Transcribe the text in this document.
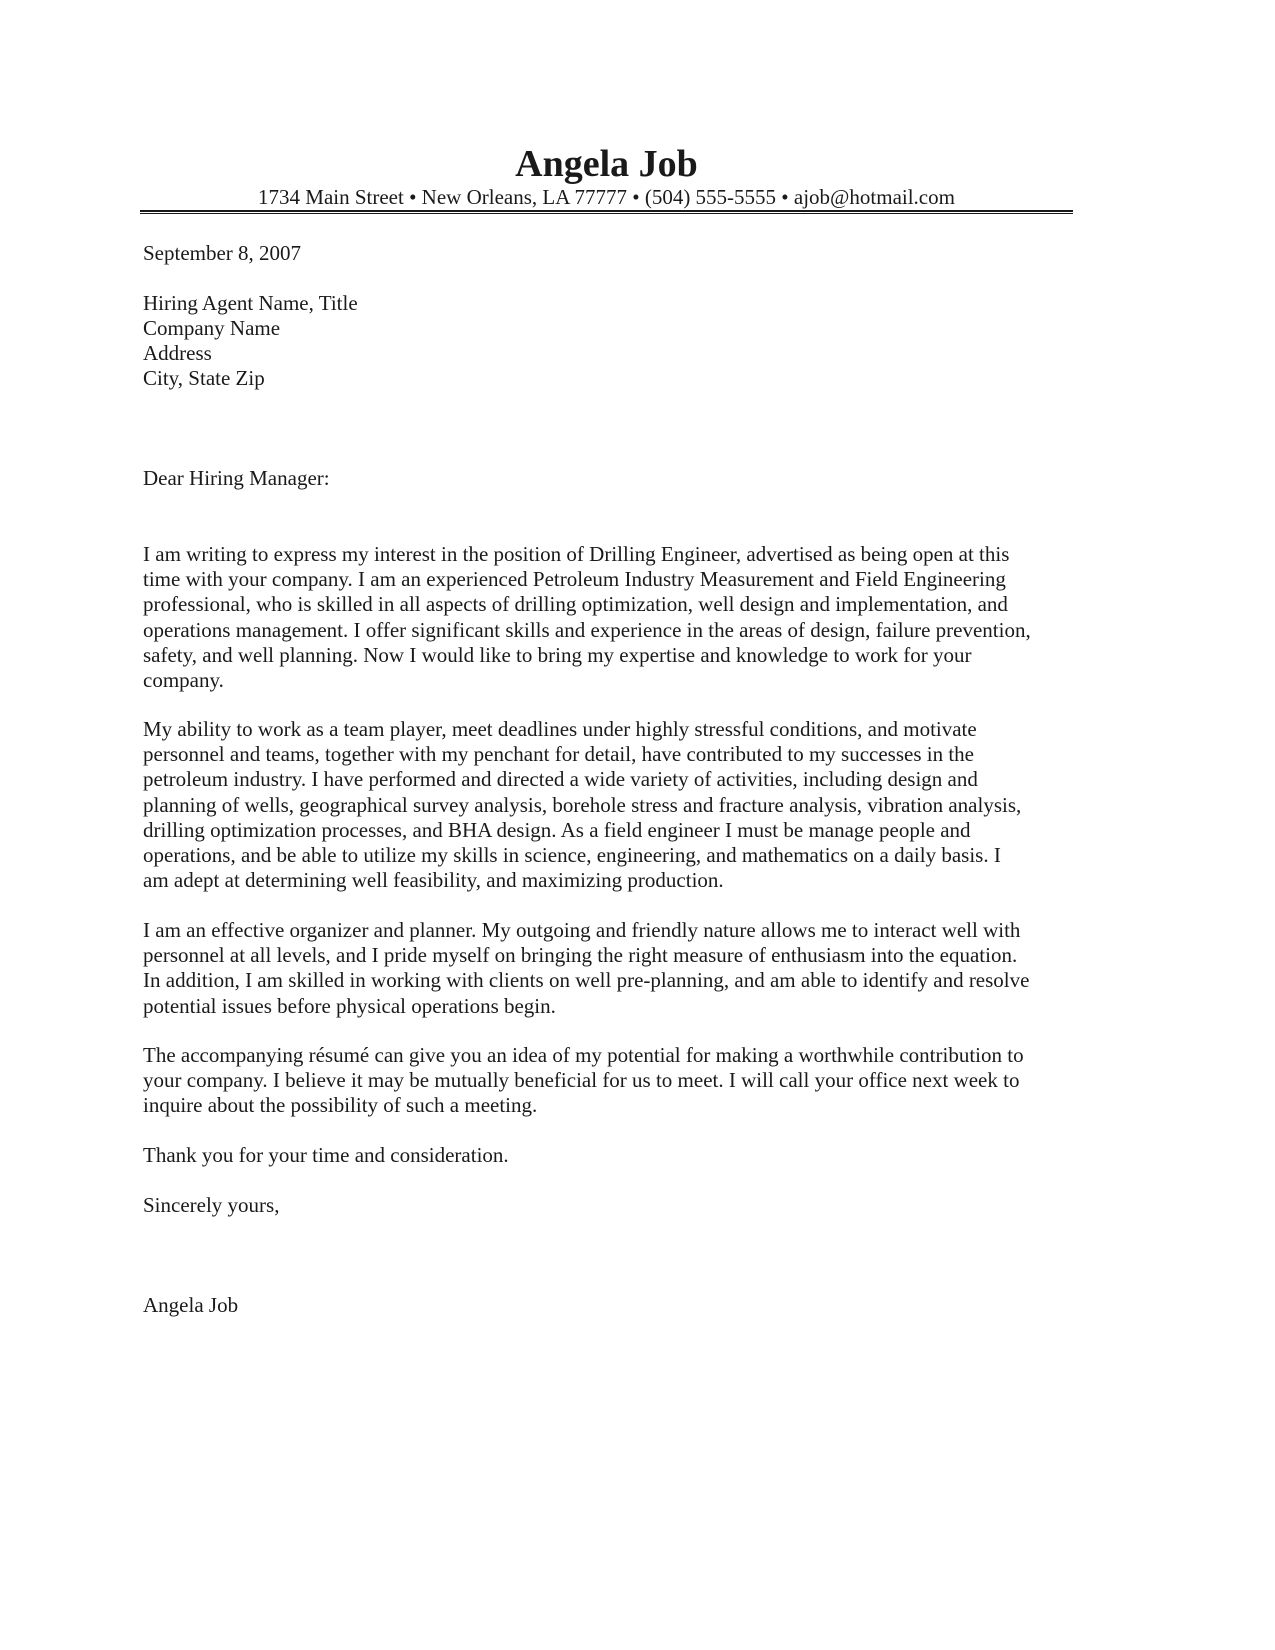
Angela Job
1734 Main Street • New Orleans, LA 77777 • (504) 555-5555 • ajob@hotmail.com
September 8, 2007
Hiring Agent Name, Title
Company Name
Address
City, State Zip
Dear Hiring Manager:
I am writing to express my interest in the position of Drilling Engineer, advertised as being open at this
time with your company. I am an experienced Petroleum Industry Measurement and Field Engineering
professional, who is skilled in all aspects of drilling optimization, well design and implementation, and
operations management. I offer significant skills and experience in the areas of design, failure prevention,
safety, and well planning. Now I would like to bring my expertise and knowledge to work for your
company.
My ability to work as a team player, meet deadlines under highly stressful conditions, and motivate
personnel and teams, together with my penchant for detail, have contributed to my successes in the
petroleum industry. I have performed and directed a wide variety of activities, including design and
planning of wells, geographical survey analysis, borehole stress and fracture analysis, vibration analysis,
drilling optimization processes, and BHA design. As a field engineer I must be manage people and
operations, and be able to utilize my skills in science, engineering, and mathematics on a daily basis. I
am adept at determining well feasibility, and maximizing production.
I am an effective organizer and planner. My outgoing and friendly nature allows me to interact well with
personnel at all levels, and I pride myself on bringing the right measure of enthusiasm into the equation.
In addition, I am skilled in working with clients on well pre-planning, and am able to identify and resolve
potential issues before physical operations begin.
The accompanying résumé can give you an idea of my potential for making a worthwhile contribution to
your company. I believe it may be mutually beneficial for us to meet. I will call your office next week to
inquire about the possibility of such a meeting.
Thank you for your time and consideration.
Sincerely yours,
Angela Job
